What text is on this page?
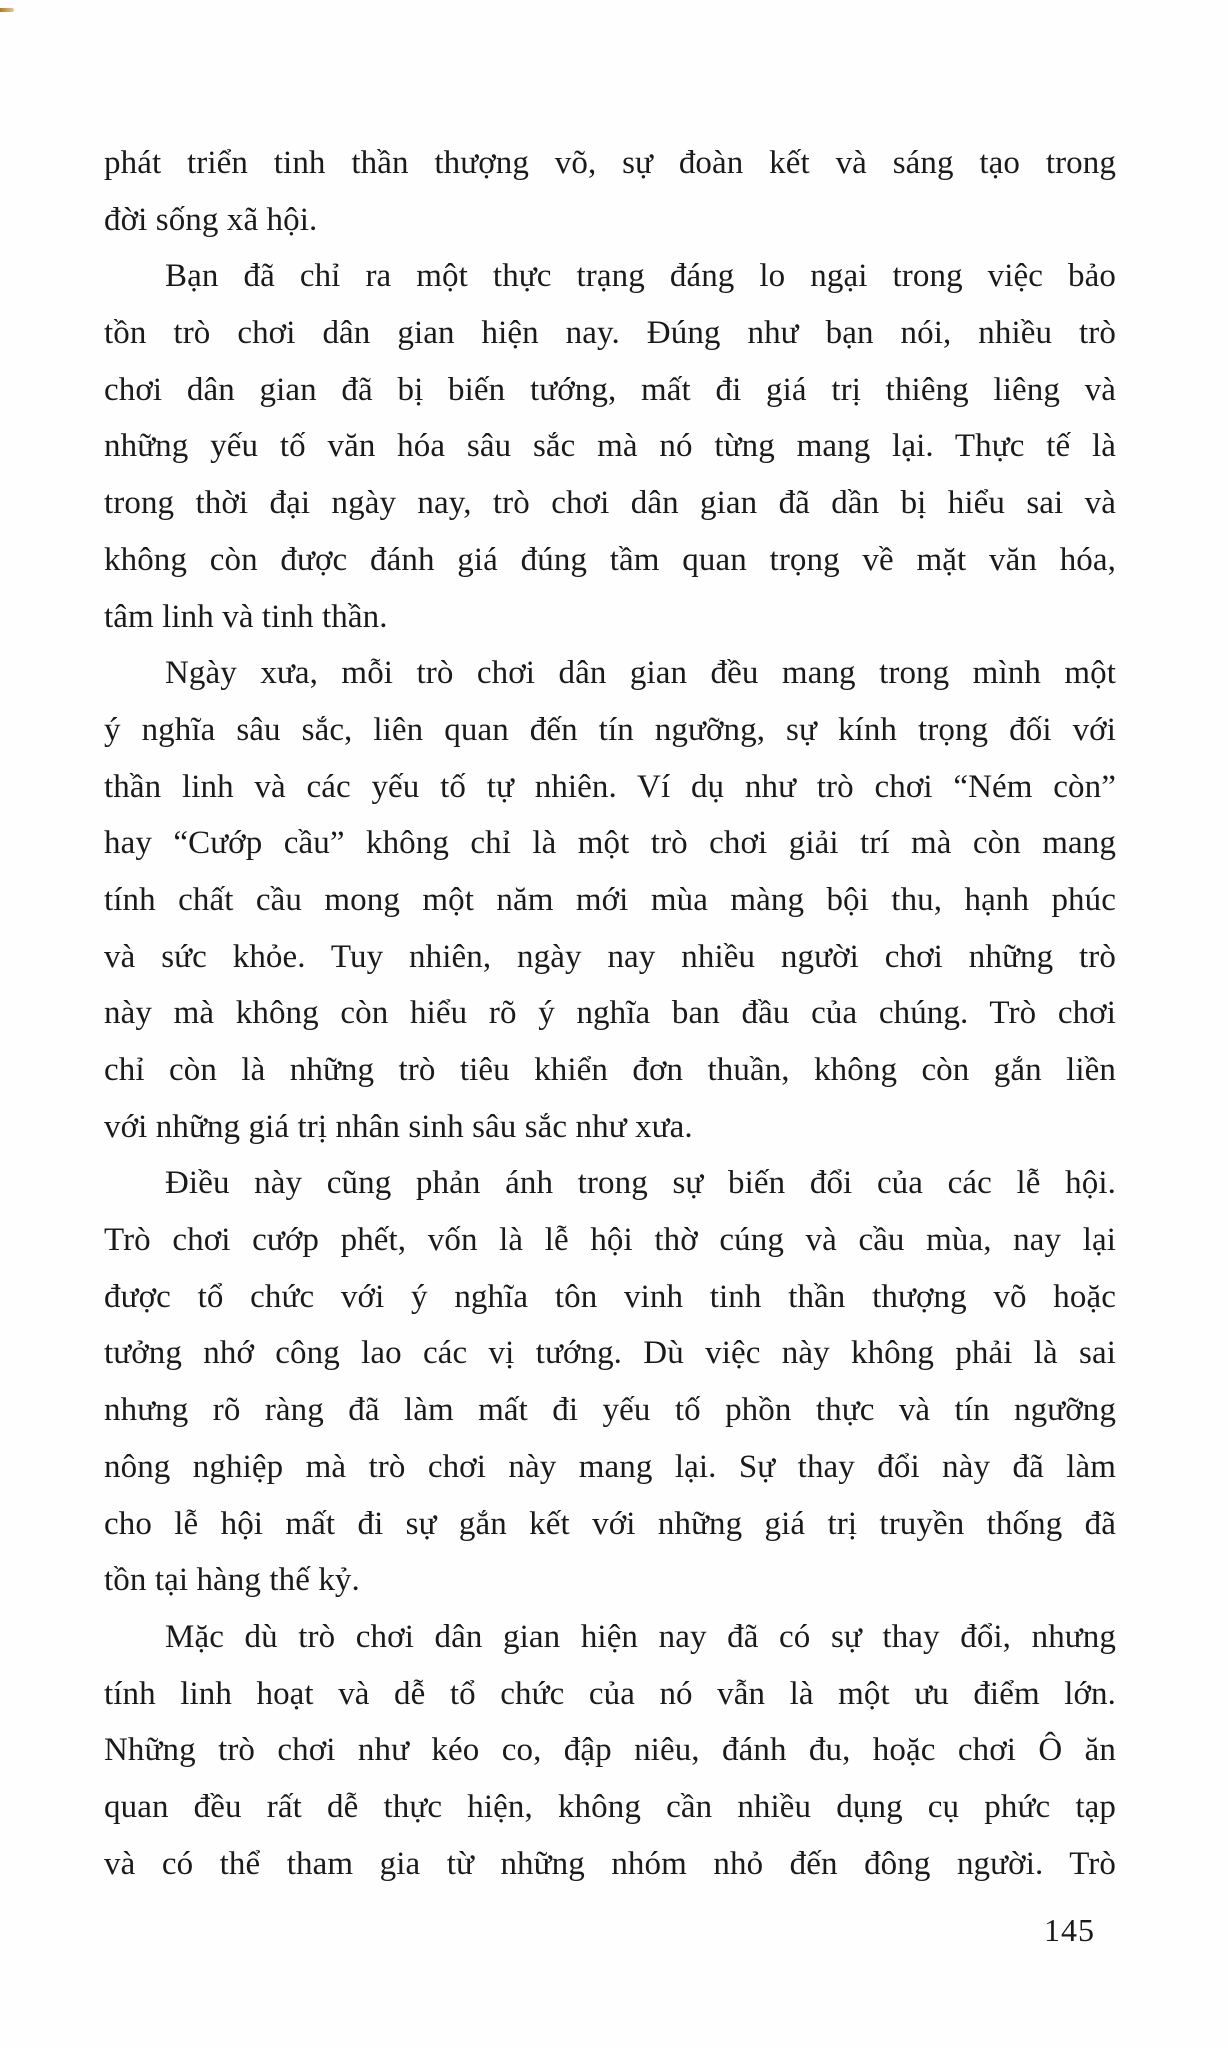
phát triển tinh thần thượng võ, sự đoàn kết và sáng tạo trong
đời sống xã hội.
Bạn đã chỉ ra một thực trạng đáng lo ngại trong việc bảo
tồn trò chơi dân gian hiện nay. Đúng như bạn nói, nhiều trò
chơi dân gian đã bị biến tướng, mất đi giá trị thiêng liêng và
những yếu tố văn hóa sâu sắc mà nó từng mang lại. Thực tế là
trong thời đại ngày nay, trò chơi dân gian đã dần bị hiểu sai và
không còn được đánh giá đúng tầm quan trọng về mặt văn hóa,
tâm linh và tinh thần.
Ngày xưa, mỗi trò chơi dân gian đều mang trong mình một
ý nghĩa sâu sắc, liên quan đến tín ngưỡng, sự kính trọng đối với
thần linh và các yếu tố tự nhiên. Ví dụ như trò chơi “Ném còn”
hay “Cướp cầu” không chỉ là một trò chơi giải trí mà còn mang
tính chất cầu mong một năm mới mùa màng bội thu, hạnh phúc
và sức khỏe. Tuy nhiên, ngày nay nhiều người chơi những trò
này mà không còn hiểu rõ ý nghĩa ban đầu của chúng. Trò chơi
chỉ còn là những trò tiêu khiển đơn thuần, không còn gắn liền
với những giá trị nhân sinh sâu sắc như xưa.
Điều này cũng phản ánh trong sự biến đổi của các lễ hội.
Trò chơi cướp phết, vốn là lễ hội thờ cúng và cầu mùa, nay lại
được tổ chức với ý nghĩa tôn vinh tinh thần thượng võ hoặc
tưởng nhớ công lao các vị tướng. Dù việc này không phải là sai
nhưng rõ ràng đã làm mất đi yếu tố phồn thực và tín ngưỡng
nông nghiệp mà trò chơi này mang lại. Sự thay đổi này đã làm
cho lễ hội mất đi sự gắn kết với những giá trị truyền thống đã
tồn tại hàng thế kỷ.
Mặc dù trò chơi dân gian hiện nay đã có sự thay đổi, nhưng
tính linh hoạt và dễ tổ chức của nó vẫn là một ưu điểm lớn.
Những trò chơi như kéo co, đập niêu, đánh đu, hoặc chơi Ô ăn
quan đều rất dễ thực hiện, không cần nhiều dụng cụ phức tạp
và có thể tham gia từ những nhóm nhỏ đến đông người. Trò
145
